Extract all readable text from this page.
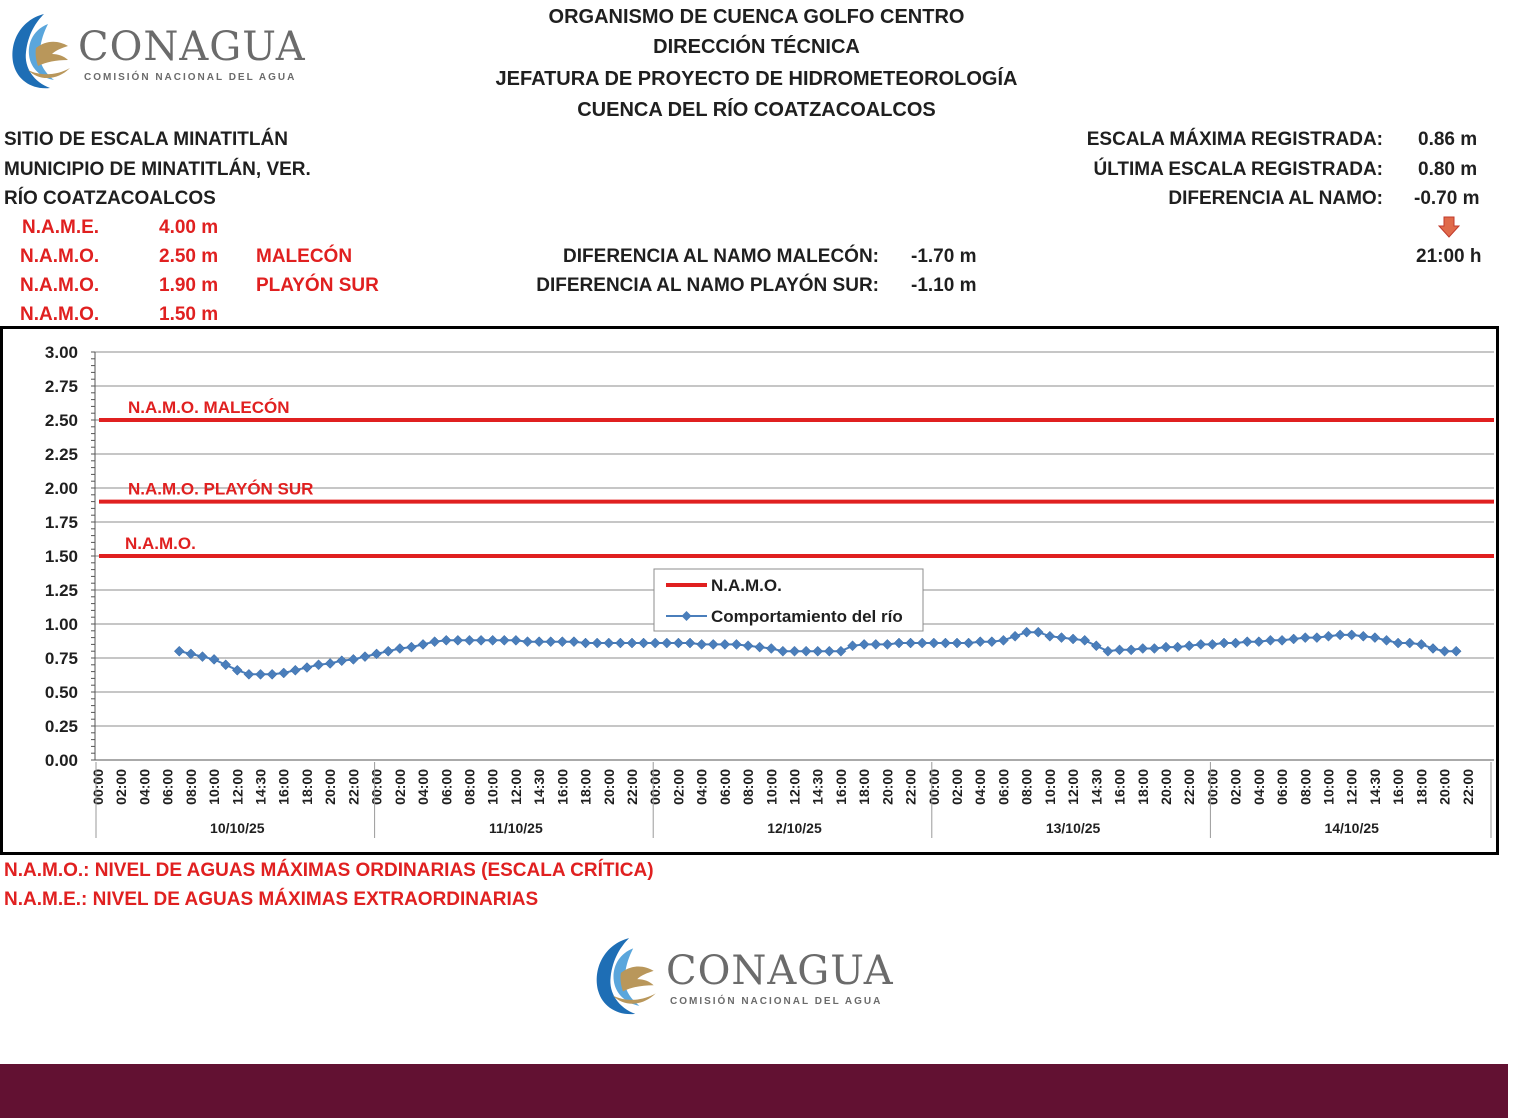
CONAGUA
COMISIÓN NACIONAL DEL AGUA
ORGANISMO DE CUENCA GOLFO CENTRO
DIRECCIÓN TÉCNICA
JEFATURA DE PROYECTO DE HIDROMETEOROLOGÍA
CUENCA DEL RÍO COATZACOALCOS
SITIO DE ESCALA MINATITLÁN
MUNICIPIO DE MINATITLÁN, VER.
RÍO COATZACOALCOS
N.A.M.E.	4.00 m
N.A.M.O.	2.50 m MALECÓN
N.A.M.O.	1.90 m PLAYÓN SUR
N.A.M.O.	1.50 m
DIFERENCIA AL NAMO MALECÓN: -1.70 m
DIFERENCIA AL NAMO PLAYÓN SUR: -1.10 m
ESCALA MÁXIMA REGISTRADA: 0.86 m
ÚLTIMA ESCALA REGISTRADA: 0.80 m
DIFERENCIA AL NAMO: -0.70 m
21:00 h
0.00
0.25
0.50
0.75
1.00
1.25
1.50
1.75
2.00
2.25
2.50
2.75
3.00
N.A.M.O. MALECÓN
N.A.M.O. PLAYÓN SUR
N.A.M.O.
00:00 02:00 04:00 06:00 08:00 10:00 12:00 14:30 16:00 18:00 20:00 22:00
10/10/25
00:00 02:00 04:00 06:00 08:00 10:00 12:00 14:30 16:00 18:00 20:00 22:00
11/10/25
00:00 02:00 04:00 06:00 08:00 10:00 12:00 14:30 16:00 18:00 20:00 22:00
12/10/25
00:00 02:00 04:00 06:00 08:00 10:00 12:00 14:30 16:00 18:00 20:00 22:00
13/10/25
00:00 02:00 04:00 06:00 08:00 10:00 12:00 14:30 16:00 18:00 20:00 22:00
14/10/25
N.A.M.O.
Comportamiento del río
N.A.M.O.: NIVEL DE AGUAS MÁXIMAS ORDINARIAS (ESCALA CRÍTICA)
N.A.M.E.: NIVEL DE AGUAS MÁXIMAS EXTRAORDINARIAS
CONAGUA
COMISIÓN NACIONAL DEL AGUA
